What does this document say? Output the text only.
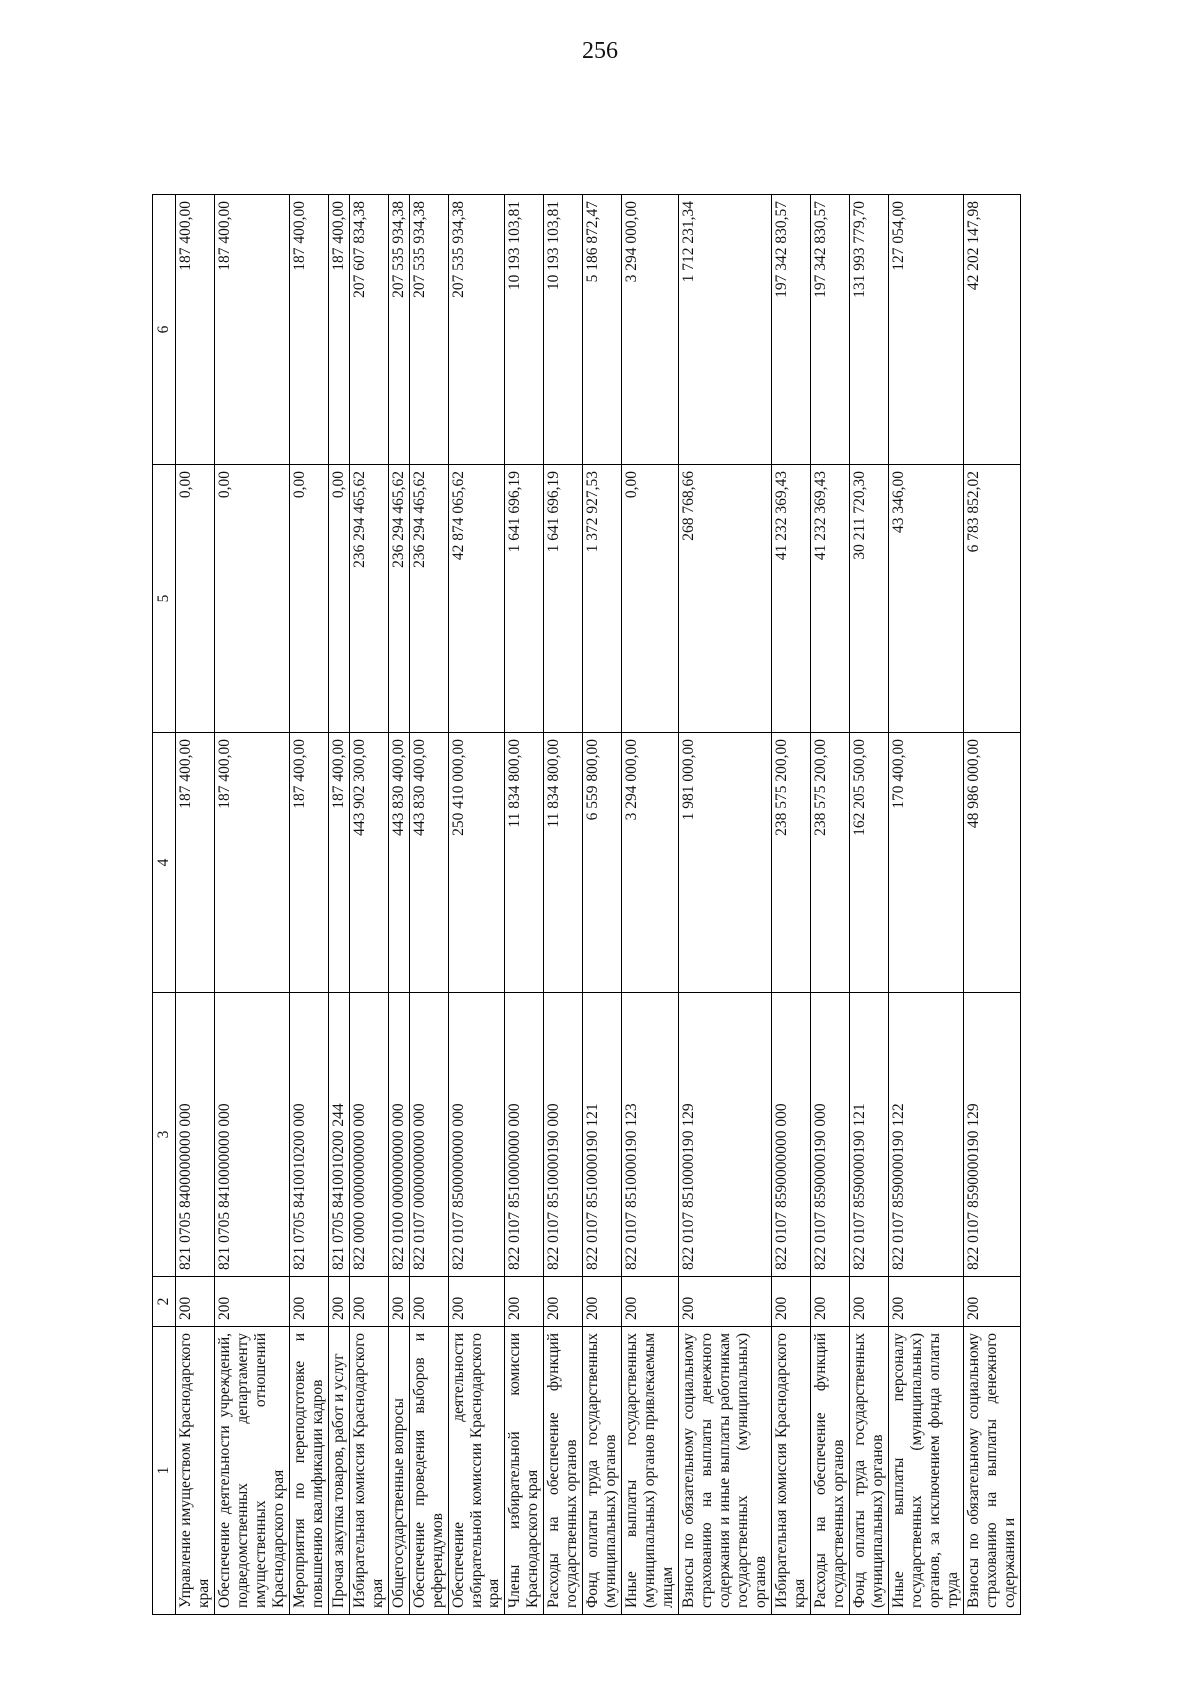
256
1	2	3	4	5	6
Управление имуществом Краснодарского края	200	821 0705 8400000000 000	187 400,00	0,00	187 400,00
Обеспечение деятельности учреждений, подведомственных департаменту имущественных отношений Краснодарского края	200	821 0705 8410000000 000	187 400,00	0,00	187 400,00
Мероприятия по переподготовке и повышению квалификации кадров	200	821 0705 8410010200 000	187 400,00	0,00	187 400,00
Прочая закупка товаров, работ и услуг	200	821 0705 8410010200 244	187 400,00	0,00	187 400,00
Избирательная комиссия Краснодарского края	200	822 0000 0000000000 000	443 902 300,00	236 294 465,62	207 607 834,38
Общегосударственные вопросы	200	822 0100 0000000000 000	443 830 400,00	236 294 465,62	207 535 934,38
Обеспечение проведения выборов и референдумов	200	822 0107 0000000000 000	443 830 400,00	236 294 465,62	207 535 934,38
Обеспечение деятельности избирательной комиссии Краснодарского края	200	822 0107 8500000000 000	250 410 000,00	42 874 065,62	207 535 934,38
Члены избирательной комиссии Краснодарского края	200	822 0107 8510000000 000	11 834 800,00	1 641 696,19	10 193 103,81
Расходы на обеспечение функций государственных органов	200	822 0107 8510000190 000	11 834 800,00	1 641 696,19	10 193 103,81
Фонд оплаты труда государственных (муниципальных) органов	200	822 0107 8510000190 121	6 559 800,00	1 372 927,53	5 186 872,47
Иные выплаты государственных (муниципальных) органов привлекаемым лицам	200	822 0107 8510000190 123	3 294 000,00	0,00	3 294 000,00
Взносы по обязательному социальному страхованию на выплаты денежного содержания и иные выплаты работникам государственных (муниципальных) органов	200	822 0107 8510000190 129	1 981 000,00	268 768,66	1 712 231,34
Избирательная комиссия Краснодарского края	200	822 0107 8590000000 000	238 575 200,00	41 232 369,43	197 342 830,57
Расходы на обеспечение функций государственных органов	200	822 0107 8590000190 000	238 575 200,00	41 232 369,43	197 342 830,57
Фонд оплаты труда государственных (муниципальных) органов	200	822 0107 8590000190 121	162 205 500,00	30 211 720,30	131 993 779,70
Иные выплаты персоналу государственных (муниципальных) органов, за исключением фонда оплаты труда	200	822 0107 8590000190 122	170 400,00	43 346,00	127 054,00
Взносы по обязательному социальному страхованию на выплаты денежного содержания и	200	822 0107 8590000190 129	48 986 000,00	6 783 852,02	42 202 147,98
